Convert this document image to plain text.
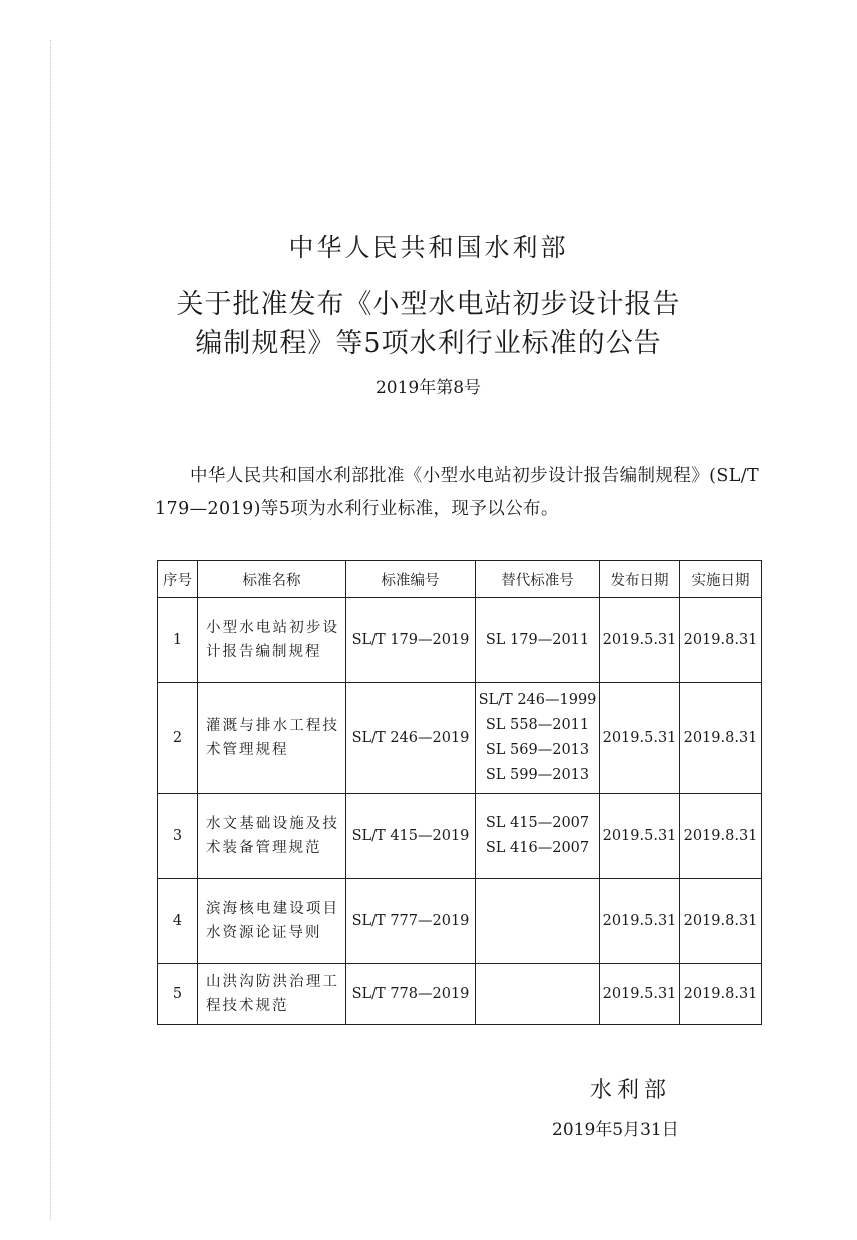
中华人民共和国水利部
关于批准发布《小型水电站初步设计报告
编制规程》等5项水利行业标准的公告
2019年第8号
中华人民共和国水利部批准《小型水电站初步设计报告编制规程》(SL/T 179—2019)等5项为水利行业标准，现予以公布。
序号	标准名称	标准编号	替代标准号	发布日期	实施日期
1	小型水电站初步设计报告编制规程	SL/T 179—2019	SL 179—2011	2019.5.31	2019.8.31
2	灌溉与排水工程技术管理规程	SL/T 246—2019	SL/T 246—1999
SL 558—2011
SL 569—2013
SL 599—2013	2019.5.31	2019.8.31
3	水文基础设施及技术装备管理规范	SL/T 415—2019	SL 415—2007
SL 416—2007	2019.5.31	2019.8.31
4	滨海核电建设项目水资源论证导则	SL/T 777—2019		2019.5.31	2019.8.31
5	山洪沟防洪治理工程技术规范	SL/T 778—2019		2019.5.31	2019.8.31
水利部
2019年5月31日
